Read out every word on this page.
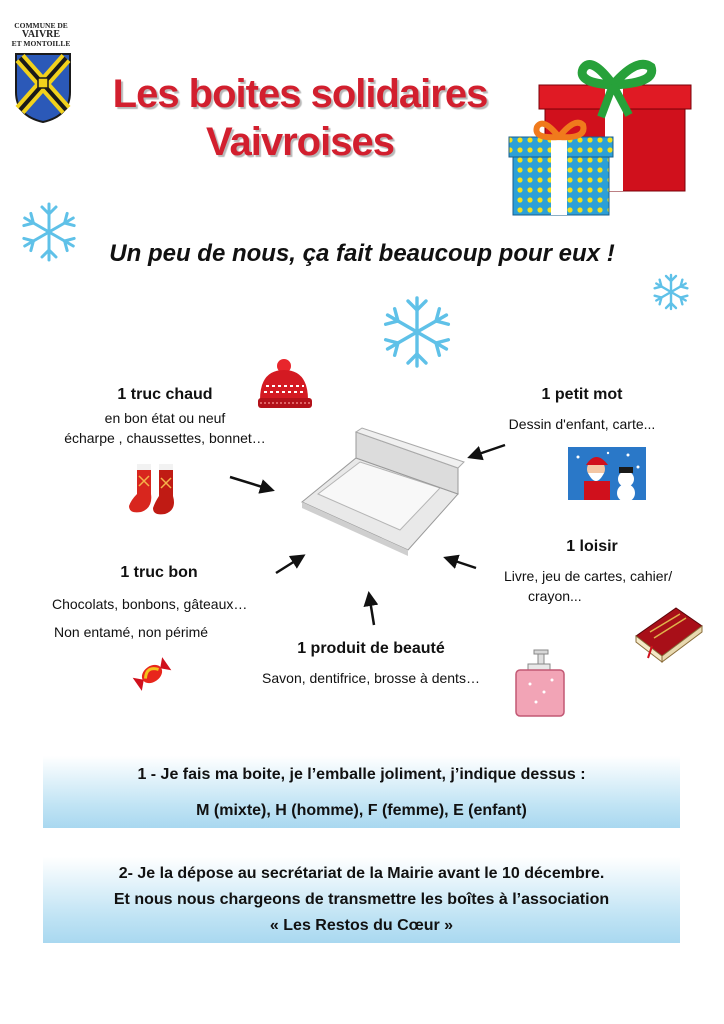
COMMUNE DE
VAIVRE
ET MONTOILLE
Les boites solidaires
Vaivroises
Un peu de nous, ça fait beaucoup pour eux !
1 truc chaud
en bon état ou neuf
écharpe , chaussettes, bonnet…
1 petit mot
Dessin d'enfant, carte...
1 truc bon
Chocolats, bonbons, gâteaux…
Non entamé, non périmé
1 loisir
Livre, jeu de cartes, cahier/
crayon...
1 produit de beauté
Savon, dentifrice, brosse à dents…
1 - Je fais ma boite, je l’emballe joliment, j’indique dessus :
M (mixte), H (homme), F (femme), E (enfant)
2- Je la dépose au secrétariat de la Mairie avant le 10 décembre.
Et nous nous chargeons de transmettre les boîtes à l’association
« Les Restos du Cœur »
